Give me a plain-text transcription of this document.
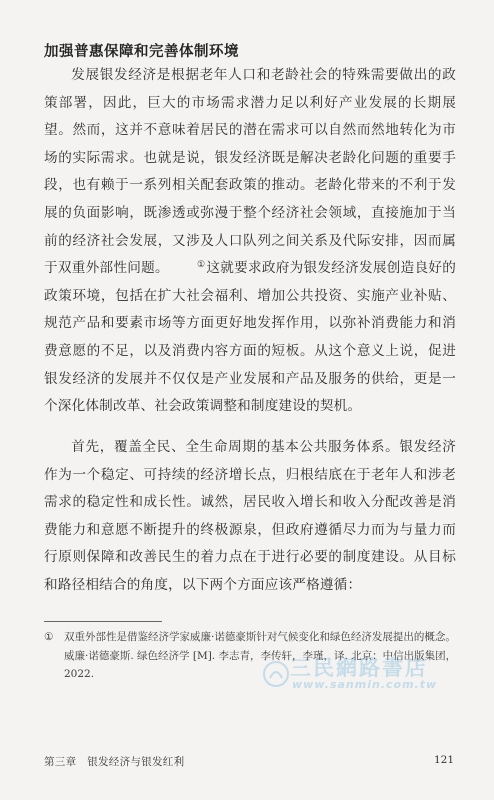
加强普惠保障和完善体制环境

发展银发经济是根据老年人口和老龄社会的特殊需要做出的政策部署，因此，巨大的市场需求潜力足以利好产业发展的长期展望。然而，这并不意味着居民的潜在需求可以自然而然地转化为市场的实际需求。也就是说，银发经济既是解决老龄化问题的重要手段，也有赖于一系列相关配套政策的推动。老龄化带来的不利于发展的负面影响，既渗透或弥漫于整个经济社会领域，直接施加于当前的经济社会发展，又涉及人口队列之间关系及代际安排，因而属于双重外部性问题。	①这就要求政府为银发经济发展创造良好的政策环境，包括在扩大社会福利、增加公共投资、实施产业补贴、规范产品和要素市场等方面更好地发挥作用，以弥补消费能力和消费意愿的不足，以及消费内容方面的短板。从这个意义上说，促进银发经济的发展并不仅仅是产业发展和产品及服务的供给，更是一个深化体制改革、社会政策调整和制度建设的契机。

首先，覆盖全民、全生命周期的基本公共服务体系。银发经济作为一个稳定、可持续的经济增长点，归根结底在于老年人和涉老需求的稳定性和成长性。诚然，居民收入增长和收入分配改善是消费能力和意愿不断提升的终极源泉，但政府遵循尽力而为与量力而行原则保障和改善民生的着力点在于进行必要的制度建设。从目标和路径相结合的角度，以下两个方面应该严格遵循：

①	双重外部性是借鉴经济学家威廉·诺德豪斯针对气候变化和绿色经济发展提出的概念。威廉·诺德豪斯. 绿色经济学 [M]. 李志青，李传轩，李瑾，译. 北京：中信出版集团，2022.	三民網路書店
www.sanmin.com.tw
第三章　银发经济与银发红利	121
